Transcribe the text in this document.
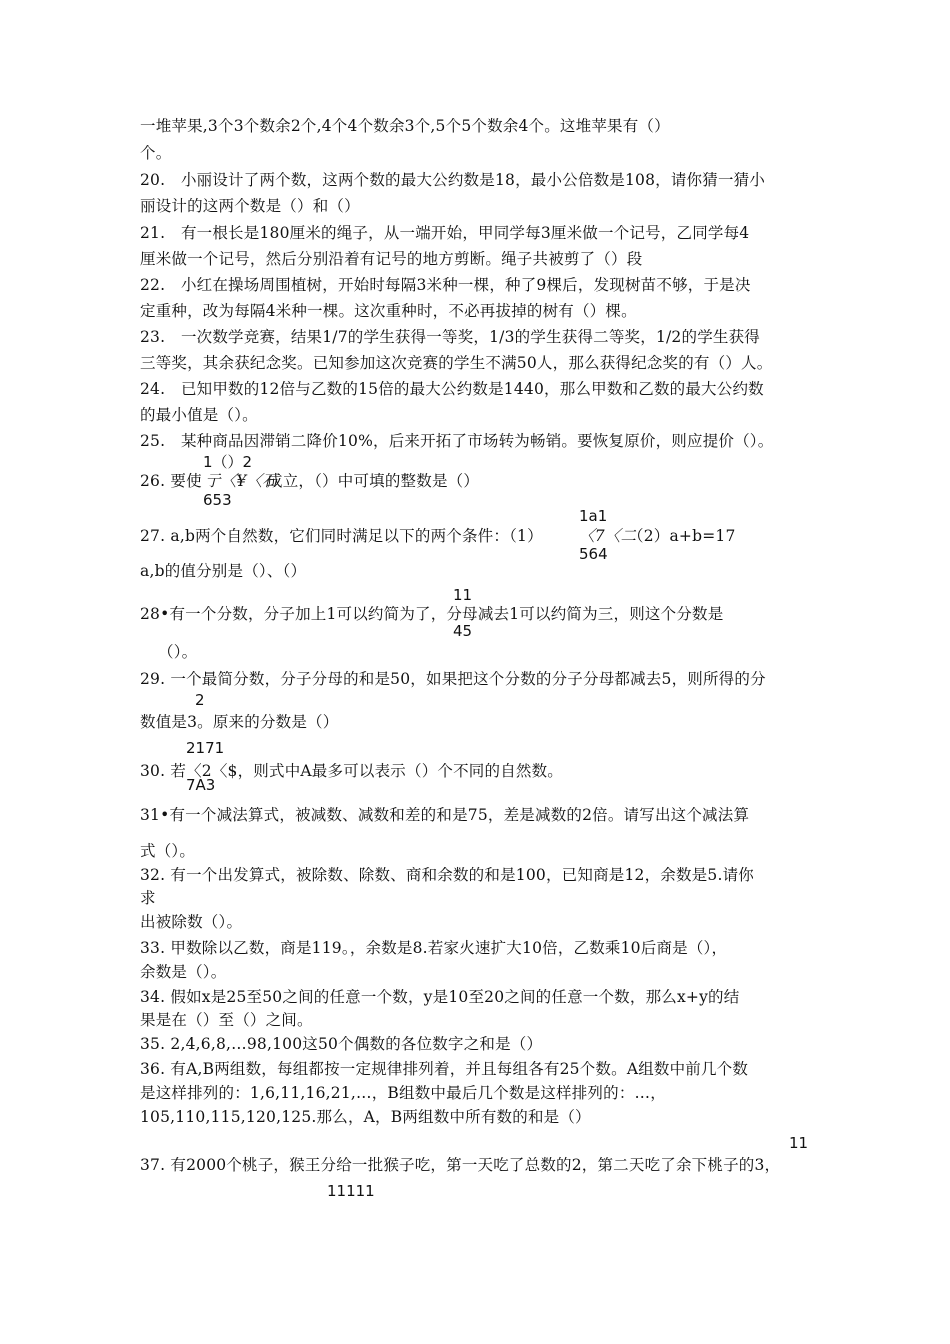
一堆苹果,3个3个数余2个,4个4个数余3个,5个5个数余4个。这堆苹果有（）
个。
20.　小丽设计了两个数，这两个数的最大公约数是18，最小公倍数是108，请你猜一猜小
丽设计的这两个数是（）和（）
21.　有一根长是180厘米的绳子，从一端开始，甲同学每3厘米做一个记号，乙同学每4
厘米做一个记号，然后分别沿着有记号的地方剪断。绳子共被剪了（）段
22.　小红在操场周围植树，开始时每隔3米种一棵，种了9棵后，发现树苗不够，于是决
定重种，改为每隔4米种一棵。这次重种时，不必再拔掉的树有（）棵。
23.　一次数学竞赛，结果1/7的学生获得一等奖，1/3的学生获得二等奖，1/2的学生获得
三等奖，其余获纪念奖。已知参加这次竞赛的学生不满50人，那么获得纪念奖的有（）人。
24.　已知甲数的12倍与乙数的15倍的最大公约数是1440，那么甲数和乙数的最大公约数
的最小值是（）。
25.　某种商品因滞销二降价10%，后来开拓了市场转为畅销。要恢复原价，则应提价（）。
1（）2
26. 要使 亍〈¥〈石
成立，（）中可填的整数是（）
653
1a1
27. a,b两个自然数，它们同时满足以下的两个条件：（1） 〈7〈二
（2）a+b=17
564
a,b的值分别是（）、（）
11
28•有一个分数，分子加上1可以约简为了，分母减去1可以约简为三，则这个分数是
45
（）。
29. 一个最简分数，分子分母的和是50，如果把这个分数的分子分母都减去5，则所得的分
2
数值是3。原来的分数是（）
2171
30. 若〈2〈$，则式中A最多可以表示（）个不同的自然数。
7A3
31•有一个减法算式，被减数、减数和差的和是75，差是减数的2倍。请写出这个减法算
式（）。
32. 有一个出发算式，被除数、除数、商和余数的和是100，已知商是12，余数是5.请你
求
出被除数（）。
33. 甲数除以乙数，商是119。，余数是8.若家火速扩大10倍，乙数乘10后商是（），
余数是（）。
34. 假如x是25至50之间的任意一个数，y是10至20之间的任意一个数，那么x+y的结
果是在（）至（）之间。
35. 2,4,6,8,…98,100这50个偶数的各位数字之和是（）
36. 有A,B两组数，每组都按一定规律排列着，并且每组各有25个数。A组数中前几个数
是这样排列的：1,6,11,16,21,…，B组数中最后几个数是这样排列的：…，
105,110,115,120,125.那么，A，B两组数中所有数的和是（）
11
37. 有2000个桃子，猴王分给一批猴子吃，第一天吃了总数的2，第二天吃了余下桃子的3，
11111
